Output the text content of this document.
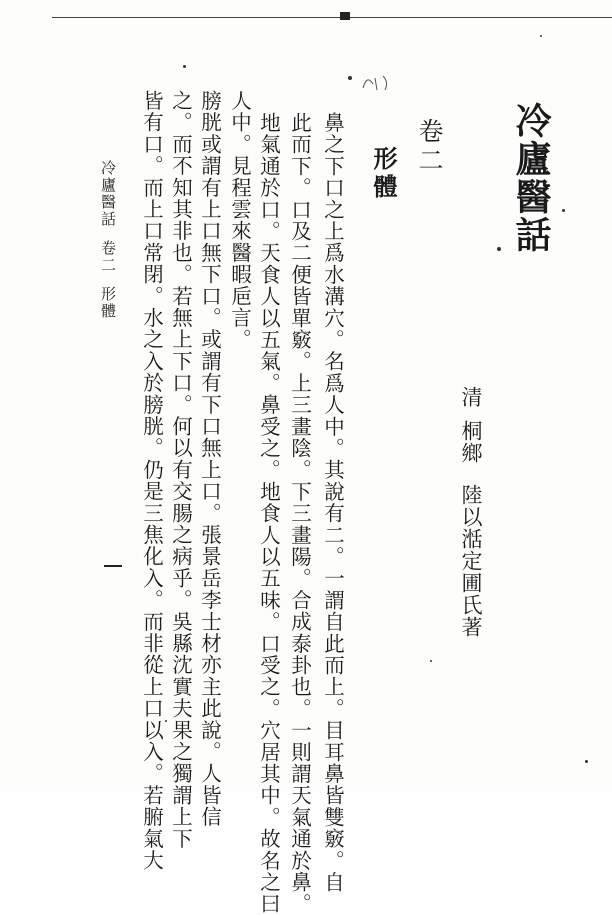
冷廬醫話
卷二
形體
清桐鄉陸以湉定圃氏著
鼻之下口之上爲水溝穴。名爲人中。其說有二。一謂自此而上。目耳鼻皆雙竅。自
此而下。口及二便皆單竅。上三畫陰。下三畫陽。合成泰卦也。一則謂天氣通於鼻。
地氣通於口。天食人以五氣。鼻受之。地食人以五味。口受之。穴居其中。故名之曰
人中。見程雲來醫暇巵言。
膀胱或謂有上口無下口。或謂有下口無上口。張景岳李士材亦主此說。人皆信
之。而不知其非也。若無上下口。何以有交腸之病乎。吳縣沈實夫果之獨謂上下
皆有口。而上口常閉。水之入於膀胱。仍是三焦化入。而非從上口以入。若腑氣大
冷廬醫話卷二形體
